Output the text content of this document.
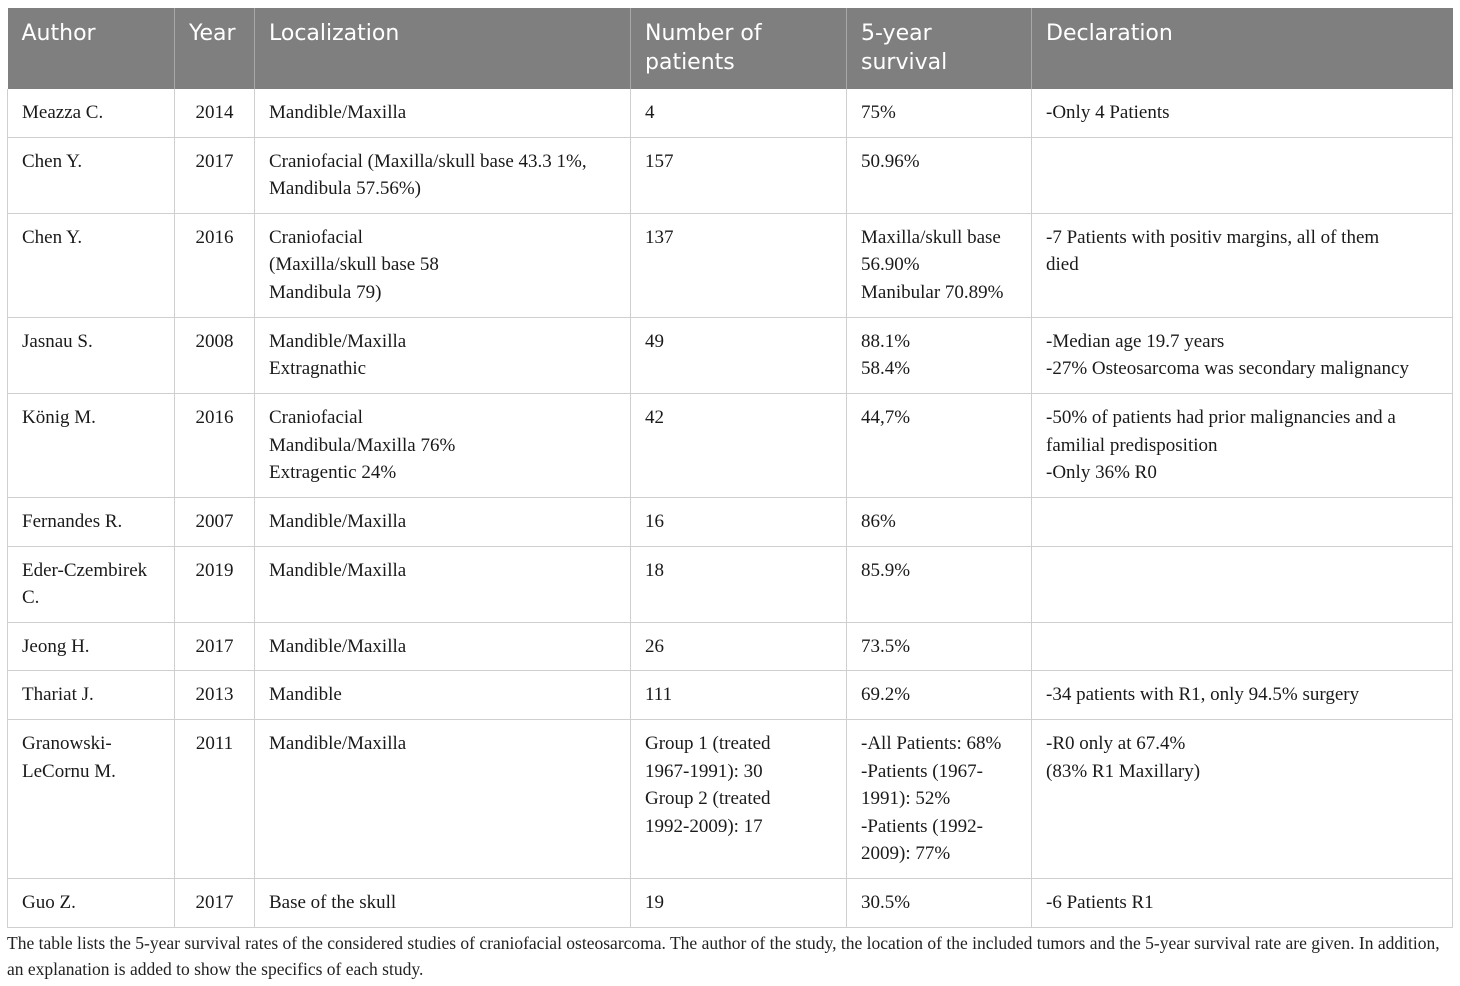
Author	Year	Localization	Number of patients	5-year survival	Declaration

Meazza C.	2014	Mandible/Maxilla	4	75%	-Only 4 Patients

Chen Y.	2017	Craniofacial (Maxilla/skull base 43.3 1%,
Mandibula 57.56%)	157	50.96%	

Chen Y.	2016	Craniofacial
(Maxilla/skull base 58
Mandibula 79)	137	Maxilla/skull base
56.90%
Manibular 70.89%	-7 Patients with positiv margins, all of them
died

Jasnau S.	2008	Mandible/Maxilla
Extragnathic	49	88.1%
58.4%	-Median age 19.7 years
-27% Osteosarcoma was secondary malignancy

König M.	2016	Craniofacial
Mandibula/Maxilla 76%
Extragentic 24%	42	44,7%	-50% of patients had prior malignancies and a
familial predisposition
-Only 36% R0

Fernandes R.	2007	Mandible/Maxilla	16	86%	

Eder-Czembirek
C.	2019	Mandible/Maxilla	18	85.9%	

Jeong H.	2017	Mandible/Maxilla	26	73.5%	

Thariat J.	2013	Mandible	111	69.2%	-34 patients with R1, only 94.5% surgery

Granowski-
LeCornu M.	2011	Mandible/Maxilla	Group 1 (treated
1967-1991): 30
Group 2 (treated
1992-2009): 17	-All Patients: 68%
-Patients (1967-
1991): 52%
-Patients (1992-
2009): 77%	-R0 only at 67.4%
(83% R1 Maxillary)

Guo Z.	2017	Base of the skull	19	30.5%	-6 Patients R1
The table lists the 5-year survival rates of the considered studies of craniofacial osteosarcoma. The author of the study, the location of the included tumors and the 5-year survival rate are given. In addition, an explanation is added to show the specifics of each study.
